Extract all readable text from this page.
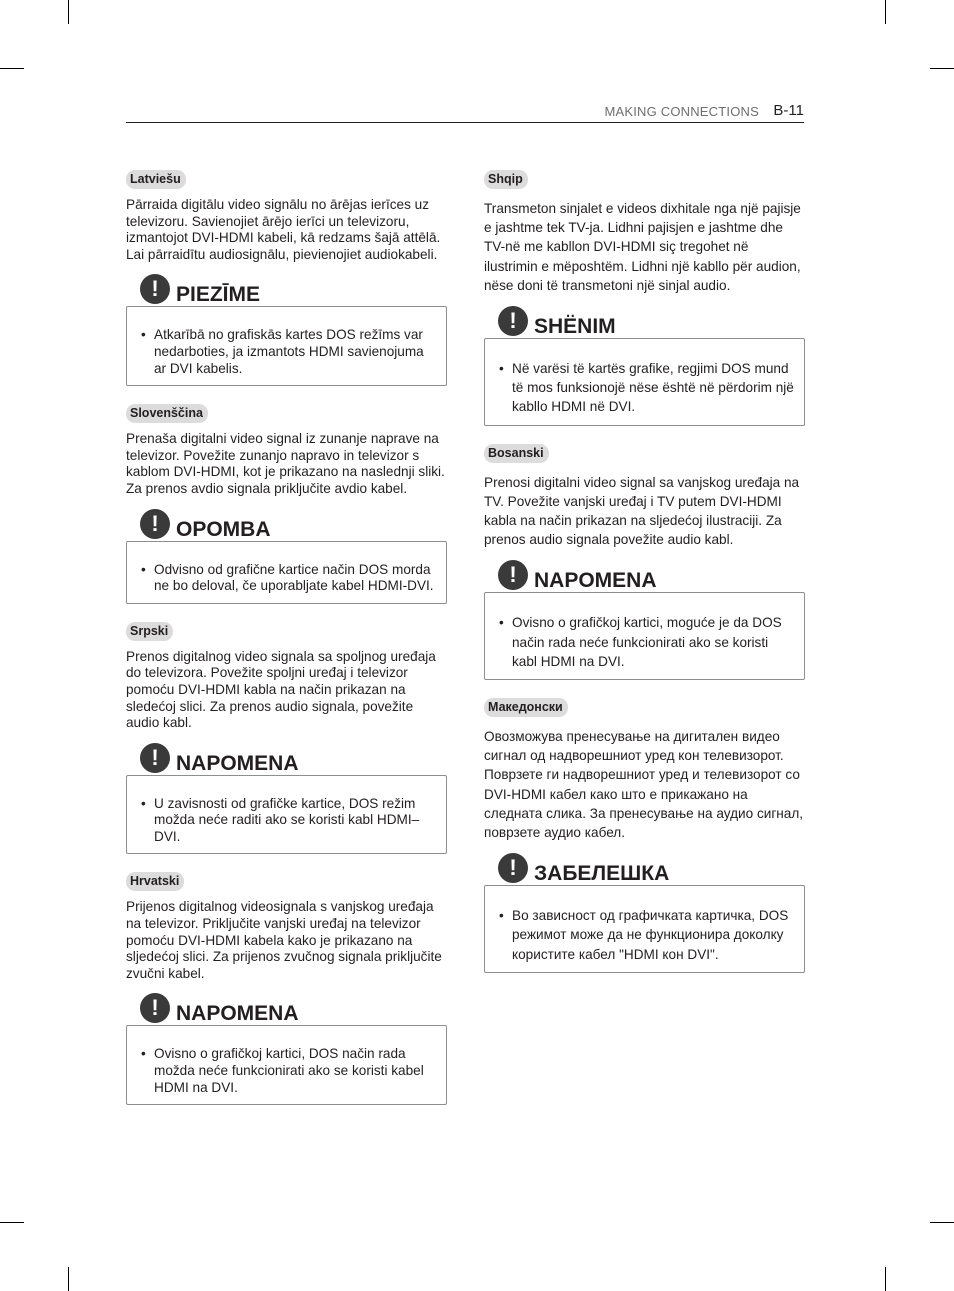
MAKING CONNECTIONS B-11
Latviešu

Pārraida digitālu video signālu no ārējas ierīces uz televizoru. Savienojiet ārējo ierīci un televizoru, izmantojot DVI-HDMI kabeli, kā redzams šajā attēlā. Lai pārraidītu audiosignālu, pievienojiet audiokabeli.

! PIEZĪME
• Atkarībā no grafiskās kartes DOS režīms var nedarboties, ja izmantots HDMI savienojuma ar DVI kabelis.
Slovenščina

Prenaša digitalni video signal iz zunanje naprave na televizor. Povežite zunanjo napravo in televizor s kablom DVI-HDMI, kot je prikazano na naslednji sliki. Za prenos avdio signala priključite avdio kabel.

! OPOMBA
• Odvisno od grafične kartice način DOS morda ne bo deloval, če uporabljate kabel HDMI-DVI.
Srpski

Prenos digitalnog video signala sa spoljnog uređaja do televizora. Povežite spoljni uređaj i televizor pomoću DVI-HDMI kabla na način prikazan na sledećoj slici. Za prenos audio signala, povežite audio kabl.

! NAPOMENA
• U zavisnosti od grafičke kartice, DOS režim možda neće raditi ako se koristi kabl HDMI–DVI.
Hrvatski

Prijenos digitalnog videosignala s vanjskog uređaja na televizor. Priključite vanjski uređaj na televizor pomoću DVI-HDMI kabela kako je prikazano na sljedećoj slici. Za prijenos zvučnog signala priključite zvučni kabel.

! NAPOMENA
• Ovisno o grafičkoj kartici, DOS način rada možda neće funkcionirati ako se koristi kabel HDMI na DVI.
Shqip

Transmeton sinjalet e videos dixhitale nga një pajisje e jashtme tek TV-ja. Lidhni pajisjen e jashtme dhe TV-në me kabllon DVI-HDMI siç tregohet në ilustrimin e mëposhtëm. Lidhni një kabllo për audion, nëse doni të transmetoni një sinjal audio.

! SHËNIM
• Në varësi të kartës grafike, regjimi DOS mund të mos funksionojë nëse është në përdorim një kabllo HDMI në DVI.
Bosanski

Prenosi digitalni video signal sa vanjskog uređaja na TV. Povežite vanjski uređaj i TV putem DVI-HDMI kabla na način prikazan na sljedećoj ilustraciji. Za prenos audio signala povežite audio kabl.

! NAPOMENA
• Ovisno o grafičkoj kartici, moguće je da DOS način rada neće funkcionirati ako se koristi kabl HDMI na DVI.
Македонски

Овозможува пренесување на дигитален видео сигнал од надворешниот уред кон телевизорот. Поврзете ги надворешниот уред и телевизорот со DVI-HDMI кабел како што е прикажано на следната слика. За пренесување на аудио сигнал, поврзете аудио кабел.

! ЗАБЕЛЕШКА
• Во зависност од графичката картичка, DOS режимот може да не функционира доколку користите кабел "HDMI кон DVI".
